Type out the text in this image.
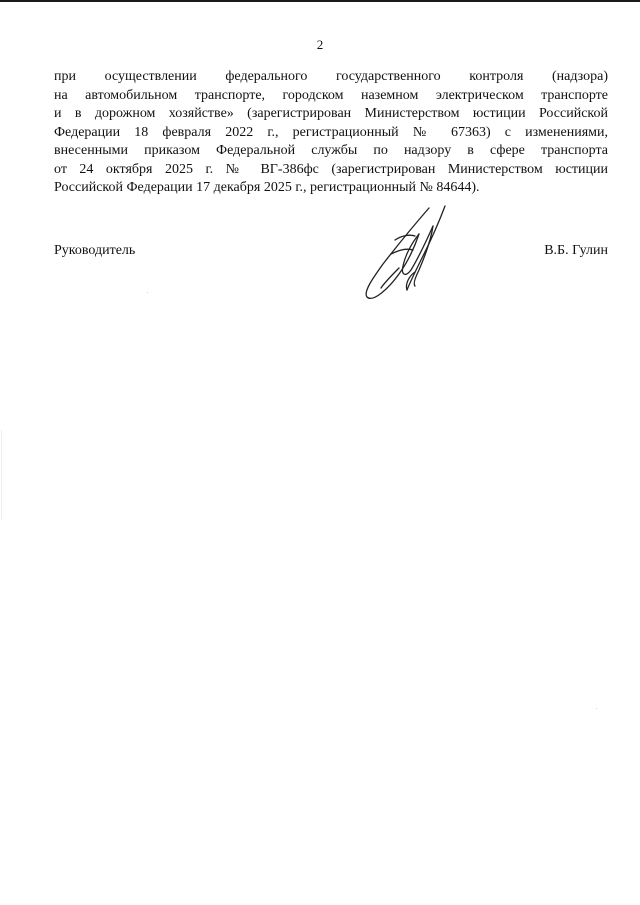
2
при осуществлении федерального государственного контроля (надзора)
на автомобильном транспорте, городском наземном электрическом транспорте
и в дорожном хозяйстве» (зарегистрирован Министерством юстиции Российской
Федерации 18 февраля 2022 г., регистрационный № 67363) с изменениями,
внесенными приказом Федеральной службы по надзору в сфере транспорта
от 24 октября 2025 г. № ВГ-386фс (зарегистрирован Министерством юстиции
Российской Федерации 17 декабря 2025 г., регистрационный № 84644).
Руководитель	В.Б. Гулин
